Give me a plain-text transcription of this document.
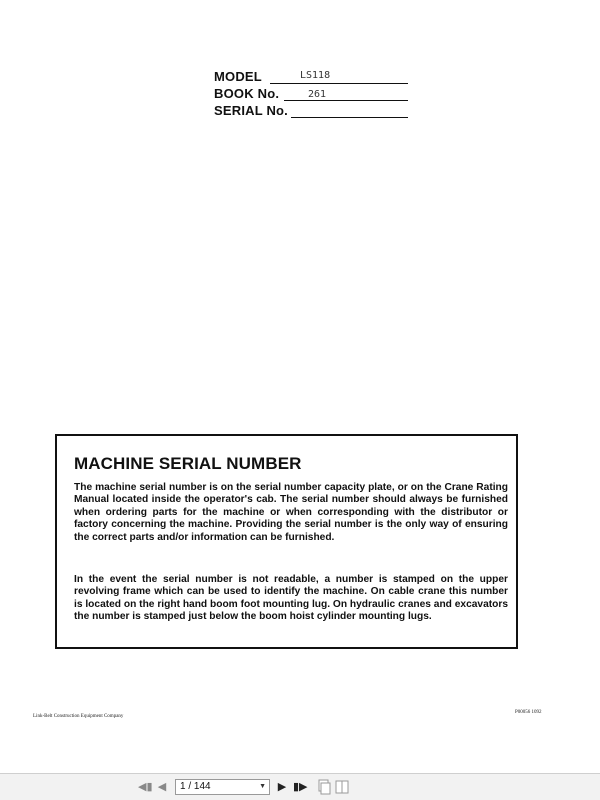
MODEL	LS118
BOOK No.	261
SERIAL No.
MACHINE SERIAL NUMBER

The machine serial number is on the serial number capacity plate, or on the Crane Rating Manual located inside the operator's cab. The serial number should always be furnished when ordering parts for the machine or when corresponding with the distributor or factory concerning the machine. Providing the serial number is the only way of ensuring the correct parts and/or information can be furnished.

In the event the serial number is not readable, a number is stamped on the upper revolving frame which can be used to identify the machine. On cable crane this number is located on the right hand boom foot mounting lug. On hydraulic cranes and excavators the number is stamped just below the boom hoist cylinder mounting lugs.

Link-Belt Construction Equipment Company
P00056 1092
◀▮ ◀	1 / 144	▼ ▶ ▮▶
